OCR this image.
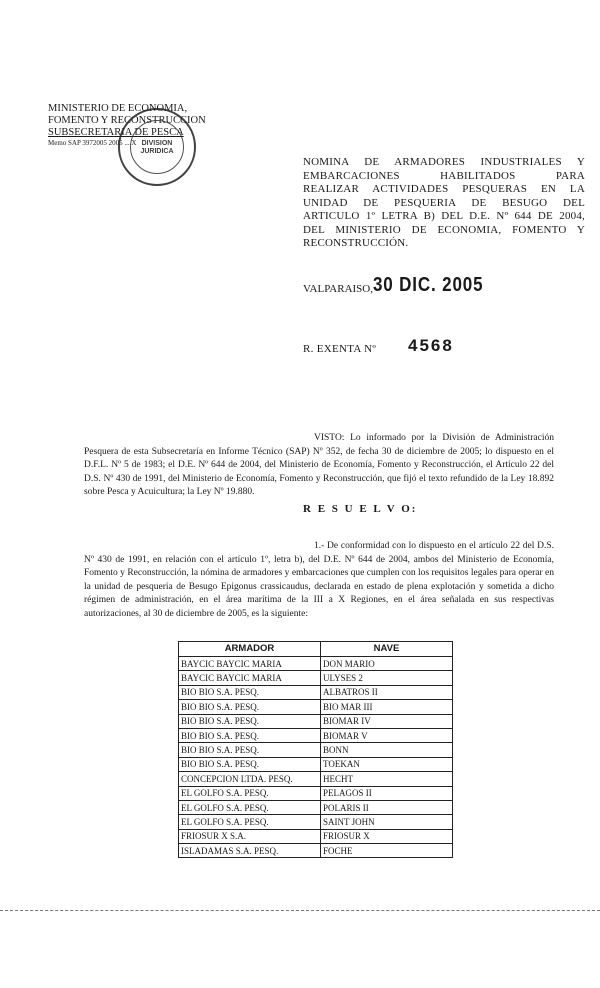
MINISTERIO DE ECONOMIA,
FOMENTO Y RECONSTRUCCION
SUBSECRETARIA DE PESCA
Memo SAP 3972005 2005 ....X DIVISION JURIDICA
NOMINA DE ARMADORES INDUSTRIALES Y
EMBARCACIONES HABILITADOS PARA
REALIZAR ACTIVIDADES PESQUERAS EN LA
UNIDAD DE PESQUERIA DE BESUGO DEL
ARTICULO 1º LETRA B) DEL D.E. Nº 644 DE 2004,
DEL MINISTERIO DE ECONOMIA, FOMENTO Y
RECONSTRUCCIÓN.
VALPARAISO, 30 DIC. 2005
R. EXENTA Nº 4568
VISTO: Lo informado por la División de Administración Pesquera de esta Subsecretaría en Informe Técnico (SAP) Nº 352, de fecha 30 de diciembre de 2005; lo dispuesto en el D.F.L. Nº 5 de 1983; el D.E. Nº 644 de 2004, del Ministerio de Economía, Fomento y Reconstrucción, el Artículo 22 del D.S. Nº 430 de 1991, del Ministerio de Economía, Fomento y Reconstrucción, que fijó el texto refundido de la Ley 18.892 sobre Pesca y Acuicultura; la Ley Nº 19.880.
R E S U E L V O:
1.- De conformidad con lo dispuesto en el artículo 22 del D.S. Nº 430 de 1991, en relación con el artículo 1º, letra b), del D.E. Nº 644 de 2004, ambos del Ministerio de Economía, Fomento y Reconstrucción, la nómina de armadores y embarcaciones que cumplen con los requisitos legales para operar en la unidad de pesquería de Besugo Epigonus crassicaudus, declarada en estado de plena explotación y sometida a dicho régimen de administración, en el área marítima de la III a X Regiones, en el área señalada en sus respectivas autorizaciones, al 30 de diciembre de 2005, es la siguiente:
ARMADOR	NAVE
BAYCIC BAYCIC MARIA	DON MARIO
BAYCIC BAYCIC MARIA	ULYSES 2
BIO BIO S.A. PESQ.	ALBATROS II
BIO BIO S.A. PESQ.	BIO MAR III
BIO BIO S.A. PESQ.	BIOMAR IV
BIO BIO S.A. PESQ.	BIOMAR V
BIO BIO S.A. PESQ.	BONN
BIO BIO S.A. PESQ.	TOEKAN
CONCEPCION LTDA. PESQ.	HECHT
EL GOLFO S.A. PESQ.	PELAGOS II
EL GOLFO S.A. PESQ.	POLARIS II
EL GOLFO S.A. PESQ.	SAINT JOHN
FRIOSUR X S.A.	FRIOSUR X
ISLADAMAS S.A. PESQ.	FOCHE
